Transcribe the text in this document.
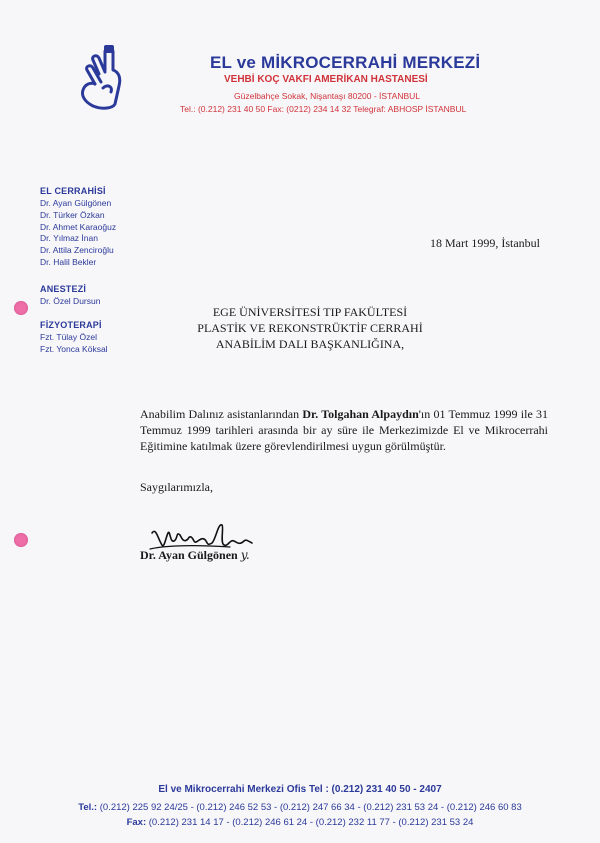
EL ve MİKROCERRAHİ MERKEZİ
VEHBİ KOÇ VAKFI AMERİKAN HASTANESİ
Güzelbahçe Sokak, Nişantaşı 80200 - İSTANBUL
Tel.: (0.212) 231 40 50 Fax: (0212) 234 14 32 Telegraf: ABHOSP İSTANBUL
EL CERRAHİSİ
Dr. Ayan Gülgönen
Dr. Türker Özkan
Dr. Ahmet Karaoğuz
Dr. Yılmaz İnan
Dr. Attila Zenciroğlu
Dr. Halil Bekler
ANESTEZİ
Dr. Özel Dursun
FİZYOTERAPİ
Fzt. Tülay Özel
Fzt. Yonca Köksal
18 Mart 1999, İstanbul
EGE ÜNİVERSİTESİ TIP FAKÜLTESİ
PLASTİK VE REKONSTRÜKTİF CERRAHİ
ANABİLİM DALI BAŞKANLIĞINA,
Anabilim Dalınız asistanlarından Dr. Tolgahan Alpaydın'ın 01 Temmuz 1999 ile 31 Temmuz 1999 tarihleri arasında bir ay süre ile Merkezimizde El ve Mikrocerrahi Eğitimine katılmak üzere görevlendirilmesi uygun görülmüştür.
Saygılarımızla,
Dr. Ayan Gülgönen y.
El ve Mikrocerrahi Merkezi Ofis Tel : (0.212) 231 40 50 - 2407
Tel.: (0.212) 225 92 24/25 - (0.212) 246 52 53 - (0.212) 247 66 34 - (0.212) 231 53 24 - (0.212) 246 60 83
Fax: (0.212) 231 14 17 - (0.212) 246 61 24 - (0.212) 232 11 77 - (0.212) 231 53 24
